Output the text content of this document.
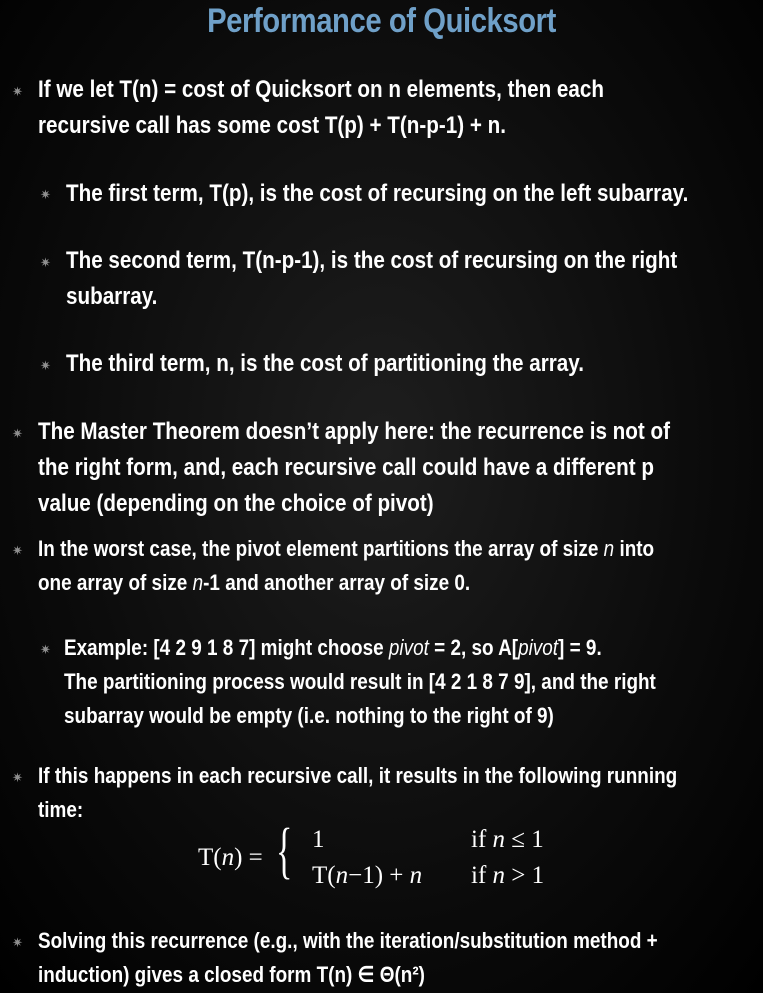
Performance of Quicksort
✷ If we let T(n) = cost of Quicksort on n elements, then each
recursive call has some cost T(p) + T(n-p-1) + n.
✷ The first term, T(p), is the cost of recursing on the left subarray.
✷ The second term, T(n-p-1), is the cost of recursing on the right
subarray.
✷ The third term, n, is the cost of partitioning the array.
✷ The Master Theorem doesn’t apply here: the recurrence is not of
the right form, and, each recursive call could have a different p
value (depending on the choice of pivot)
✷ In the worst case, the pivot element partitions the array of size n into
one array of size n-1 and another array of size 0.
✷ Example: [4 2 9 1 8 7] might choose pivot = 2, so A[pivot] = 9.
The partitioning process would result in [4 2 1 8 7 9], and the right
subarray would be empty (i.e. nothing to the right of 9)
✷ If this happens in each recursive call, it results in the following running
time:
T(n) = { 1	if n ≤ 1
T(n−1) + n if n > 1
✷ Solving this recurrence (e.g., with the iteration/substitution method +
induction) gives a closed form T(n) ∈ Θ(n²)
